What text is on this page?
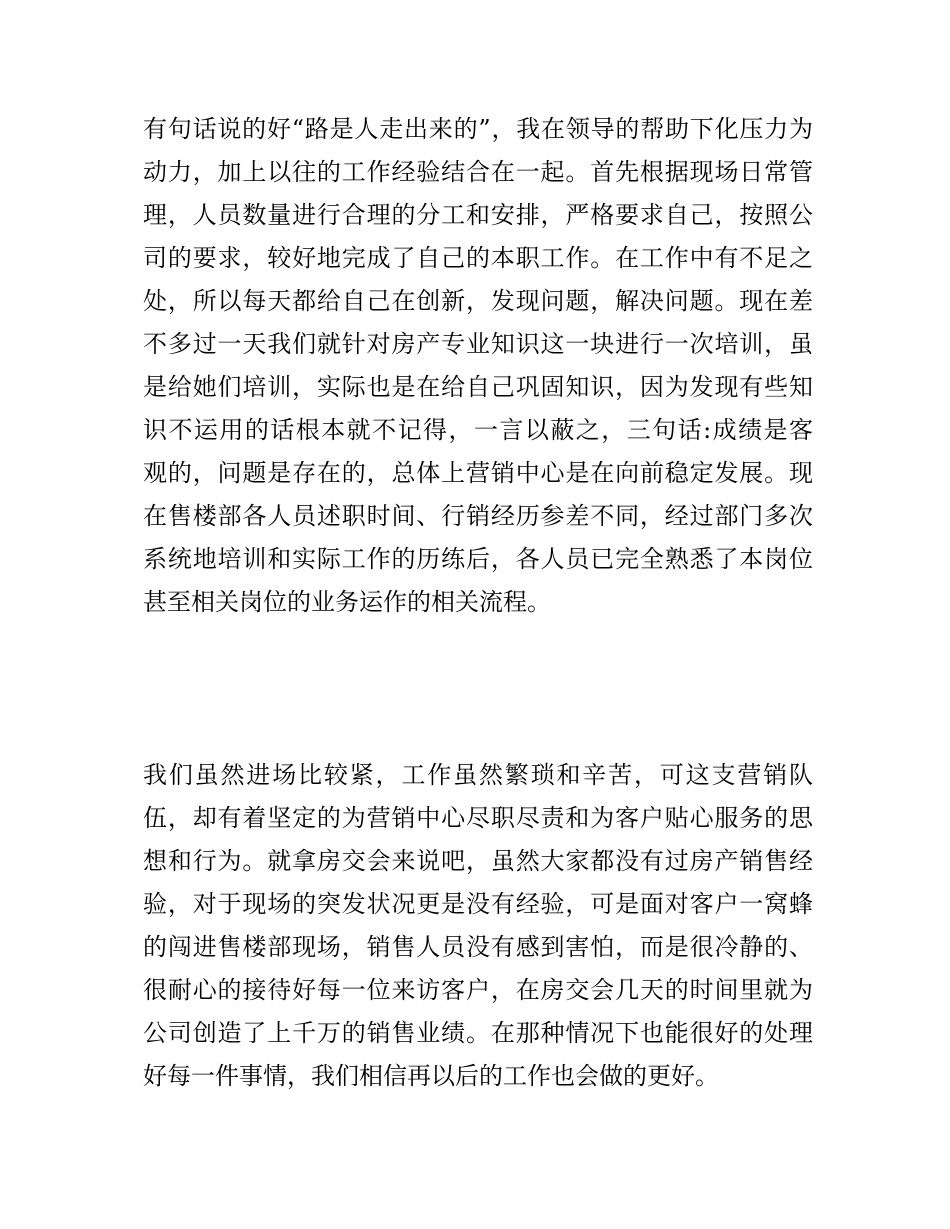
有句话说的好“路是人走出来的”，我在领导的帮助下化压力为
动力，加上以往的工作经验结合在一起。首先根据现场日常管
理，人员数量进行合理的分工和安排，严格要求自己，按照公
司的要求，较好地完成了自己的本职工作。在工作中有不足之
处，所以每天都给自己在创新，发现问题，解决问题。现在差
不多过一天我们就针对房产专业知识这一块进行一次培训，虽
是给她们培训，实际也是在给自己巩固知识，因为发现有些知
识不运用的话根本就不记得，一言以蔽之，三句话:成绩是客
观的，问题是存在的，总体上营销中心是在向前稳定发展。现
在售楼部各人员述职时间、行销经历参差不同，经过部门多次
系统地培训和实际工作的历练后，各人员已完全熟悉了本岗位
甚至相关岗位的业务运作的相关流程。
我们虽然进场比较紧，工作虽然繁琐和辛苦，可这支营销队
伍，却有着坚定的为营销中心尽职尽责和为客户贴心服务的思
想和行为。就拿房交会来说吧，虽然大家都没有过房产销售经
验，对于现场的突发状况更是没有经验，可是面对客户一窝蜂
的闯进售楼部现场，销售人员没有感到害怕，而是很冷静的、
很耐心的接待好每一位来访客户，在房交会几天的时间里就为
公司创造了上千万的销售业绩。在那种情况下也能很好的处理
好每一件事情，我们相信再以后的工作也会做的更好。
